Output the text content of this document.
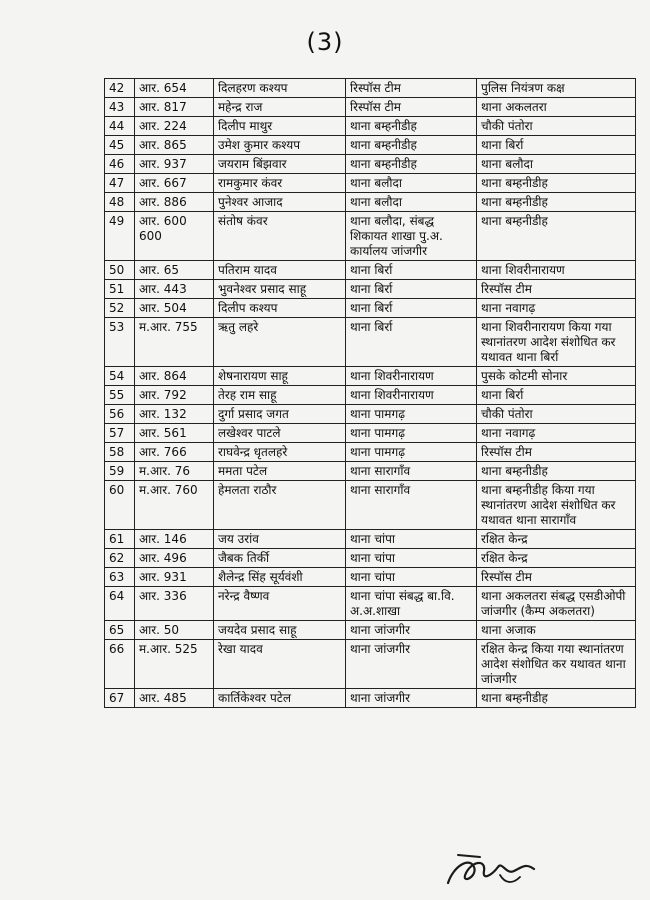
(3)
42	आर. 654	दिलहरण कश्यप	रिस्पॉस टीम	पुलिस नियंत्रण कक्ष
43	आर. 817	महेन्द्र राज	रिस्पॉस टीम	थाना अकलतरा
44	आर. 224	दिलीप माथुर	थाना बम्हनीडीह	चौकी पंतोरा
45	आर. 865	उमेश कुमार कश्यप	थाना बम्हनीडीह	थाना बिर्रा
46	आर. 937	जयराम बिंझवार	थाना बम्हनीडीह	थाना बलौदा
47	आर. 667	रामकुमार कंवर	थाना बलौदा	थाना बम्हनीडीह
48	आर. 886	पुनेश्वर आजाद	थाना बलौदा	थाना बम्हनीडीह
49	आर. 600 600	संतोष कंवर	थाना बलौदा, संबद्ध शिकायत शाखा पु.अ. कार्यालय जांजगीर	थाना बम्हनीडीह
50	आर. 65	पतिराम यादव	थाना बिर्रा	थाना शिवरीनारायण
51	आर. 443	भुवनेश्वर प्रसाद साहू	थाना बिर्रा	रिस्पॉस टीम
52	आर. 504	दिलीप कश्यप	थाना बिर्रा	थाना नवागढ़
53	म.आर. 755	ऋतु लहरे	थाना बिर्रा	थाना शिवरीनारायण किया गया स्थानांतरण आदेश संशोधित कर यथावत थाना बिर्रा
54	आर. 864	शेषनारायण साहू	थाना शिवरीनारायण	पुसके कोटमी सोनार
55	आर. 792	तेरह राम साहू	थाना शिवरीनारायण	थाना बिर्रा
56	आर. 132	दुर्गा प्रसाद जगत	थाना पामगढ़	चौकी पंतोरा
57	आर. 561	लखेश्वर पाटले	थाना पामगढ़	थाना नवागढ़
58	आर. 766	राघवेन्द्र धृतलहरे	थाना पामगढ़	रिस्पॉस टीम
59	म.आर. 76	ममता पटेल	थाना सारागाँव	थाना बम्हनीडीह
60	म.आर. 760	हेमलता राठौर	थाना सारागाँव	थाना बम्हनीडीह किया गया स्थानांतरण आदेश संशोधित कर यथावत थाना सारागाँव
61	आर. 146	जय उरांव	थाना चांपा	रक्षित केन्द्र
62	आर. 496	जैबक तिर्की	थाना चांपा	रक्षित केन्द्र
63	आर. 931	शैलेन्द्र सिंह सूर्यवंशी	थाना चांपा	रिस्पॉस टीम
64	आर. 336	नरेन्द्र वैष्णव	थाना चांपा संबद्ध बा.वि. अ.अ.शाखा	थाना अकलतरा संबद्ध एसडीओपी जांजगीर (कैम्प अकलतरा)
65	आर. 50	जयदेव प्रसाद साहू	थाना जांजगीर	थाना अजाक
66	म.आर. 525	रेखा यादव	थाना जांजगीर	रक्षित केन्द्र किया गया स्थानांतरण आदेश संशोधित कर यथावत थाना जांजगीर
67	आर. 485	कार्तिकेश्वर पटेल	थाना जांजगीर	थाना बम्हनीडीह
